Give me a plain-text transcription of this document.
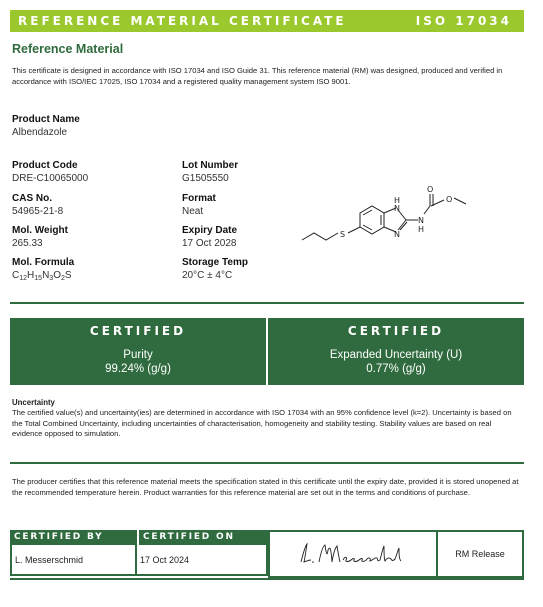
REFERENCE MATERIAL CERTIFICATE	ISO 17034
Reference Material
This certificate is designed in accordance with ISO 17034 and ISO Guide 31. This reference material (RM) was designed, produced and verified in accordance with ISO/IEC 17025, ISO 17034 and a registered quality management system ISO 9001.
Product Name
Albendazole
Product Code
DRE-C10065000
CAS No.
54965-21-8
Mol. Weight
265.33
Mol. Formula
$C_{12}H_{15}N_3O_2S$
Lot Number
G1505550
Format
Neat
Expiry Date
17 Oct 2028
Storage Temp
20°C ± 4°C
H
N
N
S
N
H
O
O
CERTIFIED
Purity
99.24% (g/g)
CERTIFIED
Expanded Uncertainty (U)
0.77% (g/g)
Uncertainty
The certified value(s) and uncertainty(ies) are determined in accordance with ISO 17034 with an 95% confidence level (k=2). Uncertainty is based on the Total Combined Uncertainty, including uncertainties of characterisation, homogeneity and stability testing. Stability values are based on real evidence opposed to simulation.
The producer certifies that this reference material meets the specification stated in this certificate until the expiry date, provided it is stored unopened at the recommended temperature herein. Product warranties for this reference material are set out in the terms and conditions of purchase.
CERTIFIED BY	CERTIFIED ON
L. Messerschmid	17 Oct 2024
RM Release
